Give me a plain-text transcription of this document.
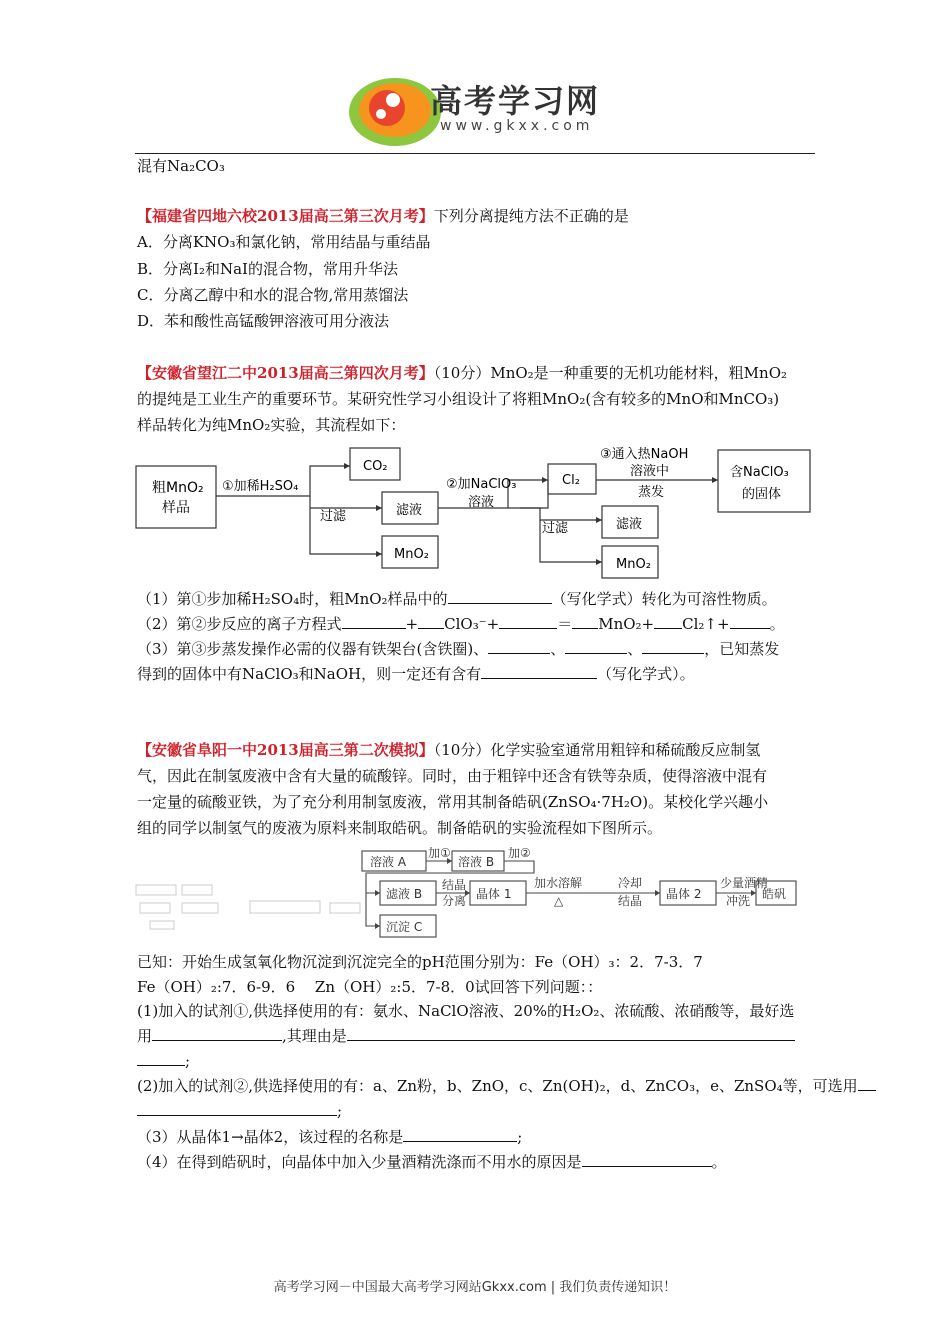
高考学习网
www.gkxx.com
混有Na₂CO₃
【福建省四地六校2013届高三第三次月考】下列分离提纯方法不正确的是
A．分离KNO₃和氯化钠，常用结晶与重结晶
B．分离I₂和NaI的混合物，常用升华法
C．分离乙醇中和水的混合物,常用蒸馏法
D．苯和酸性高锰酸钾溶液可用分液法
【安徽省望江二中2013届高三第四次月考】（10分）MnO₂是一种重要的无机功能材料，粗MnO₂
的提纯是工业生产的重要环节。某研究性学习小组设计了将粗MnO₂(含有较多的MnO和MnCO₃)
样品转化为纯MnO₂实验，其流程如下：
粗MnO₂
样品
①加稀H₂SO₄
CO₂
过滤	滤液
MnO₂
②加NaClO₃
溶液
Cl₂
③通入热NaOH
溶液中
蒸发
含NaClO₃
的固体
过滤	滤液
MnO₂
（1）第①步加稀H₂SO₄时，粗MnO₂样品中的	（写化学式）转化为可溶性物质。
（2）第②步反应的离子方程式	+ ClO₃⁻+	＝ MnO₂+ Cl₂↑+	。
（3）第③步蒸发操作必需的仪器有铁架台(含铁圈)、	、	、	，已知蒸发
得到的固体中有NaClO₃和NaOH，则一定还有含有	（写化学式）。
【安徽省阜阳一中2013届高三第二次模拟】（10分）化学实验室通常用粗锌和稀硫酸反应制氢
气，因此在制氢废液中含有大量的硫酸锌。同时，由于粗锌中还含有铁等杂质，使得溶液中混有
一定量的硫酸亚铁，为了充分利用制氢废液，常用其制备皓矾(ZnSO₄·7H₂O)。某校化学兴趣小
组的同学以制氢气的废液为原料来制取皓矾。制备皓矾的实验流程如下图所示。
溶液 A
加①
溶液 B
加②
滤液 B
结晶
分离 晶体 1
加水溶解
△
冷却
结晶 晶体 2
少量酒精
冲洗 皓矾
沉淀 C
已知：开始生成氢氧化物沉淀到沉淀完全的pH范围分别为：Fe（OH）₃：2．7-3．7
Fe（OH）₂:7．6-9．6　 Zn（OH）₂:5．7-8．0试回答下列问题：：
(1)加入的试剂①,供选择使用的有：氨水、NaClO溶液、20%的H₂O₂、浓硫酸、浓硝酸等，最好选
用	,其理由是
;
(2)加入的试剂②,供选择使用的有：a、Zn粉，b、ZnO，c、Zn(OH)₂，d、ZnCO₃，e、ZnSO₄等，可选用
;
（3）从晶体1→晶体2，该过程的名称是	;
（4）在得到皓矾时，向晶体中加入少量酒精洗涤而不用水的原因是	。
高考学习网－中国最大高考学习网站Gkxx.com | 我们负责传递知识！
